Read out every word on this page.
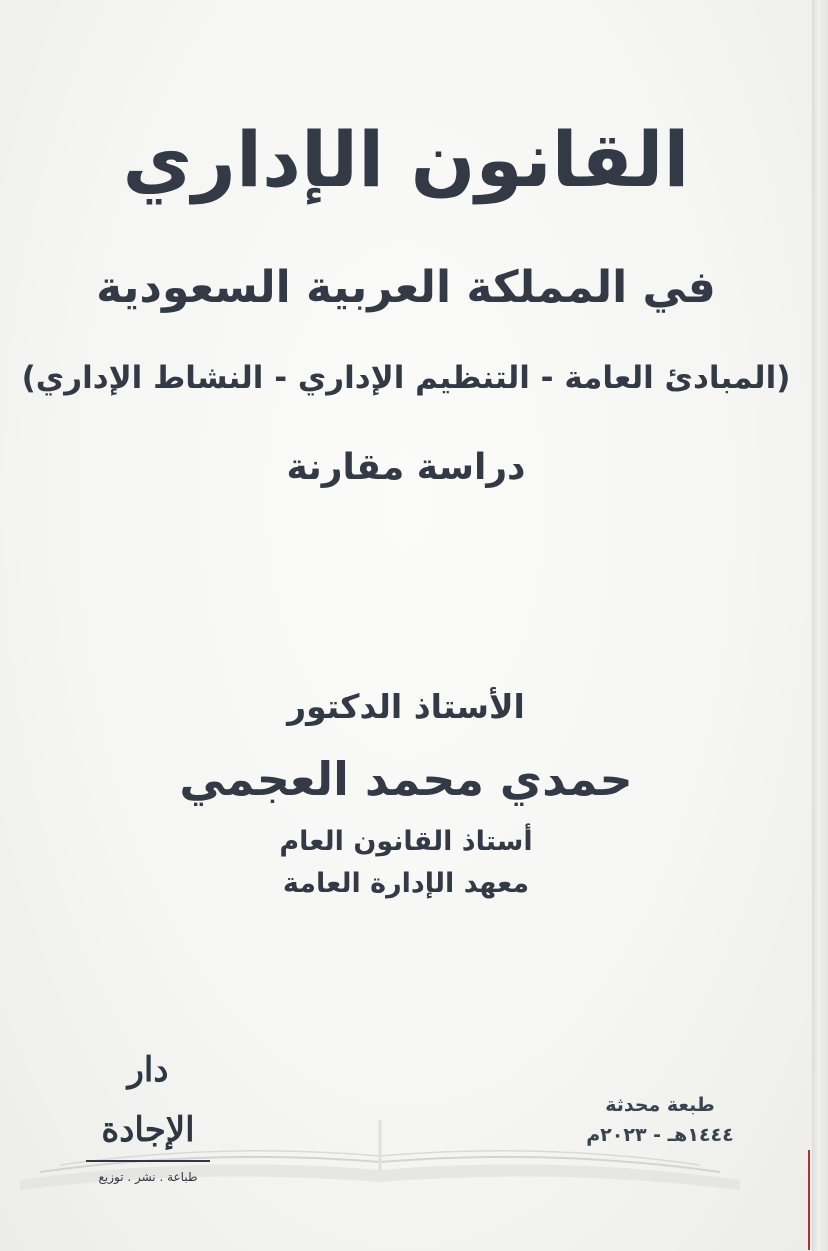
القانون الإداري
في المملكة العربية السعودية
(المبادئ العامة - التنظيم الإداري - النشاط الإداري)
دراسة مقارنة
الأستاذ الدكتور
حمدي محمد العجمي
أستاذ القانون العام
معهد الإدارة العامة
دار الإجادة
طباعة . نشر . توزيع
طبعة محدثة
١٤٤٤هـ - ٢٠٢٣م
